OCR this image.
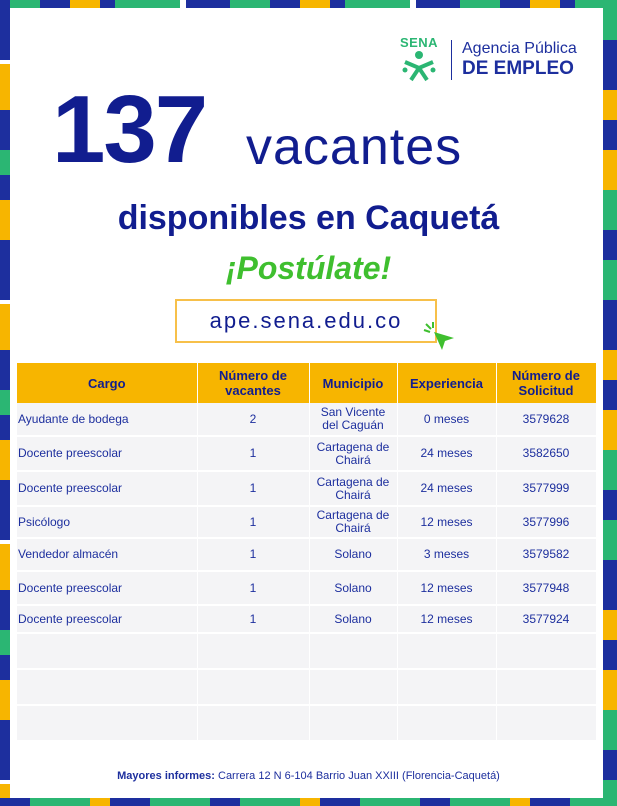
SENA Agencia Pública
DE EMPLEO
137 vacantes
disponibles en Caquetá
¡Postúlate!
ape.sena.edu.co
Cargo	Número de vacantes	Municipio	Experiencia	Número de Solicitud
Ayudante de bodega	2	San Vicente del Caguán	0 meses	3579628
Docente preescolar	1	Cartagena de Chairá	24 meses	3582650
Docente preescolar	1	Cartagena de Chairá	24 meses	3577999
Psicólogo	1	Cartagena de Chairá	12 meses	3577996
Vendedor almacén	1	Solano	3 meses	3579582
Docente preescolar	1	Solano	12 meses	3577948
Docente preescolar	1	Solano	12 meses	3577924

Mayores informes: Carrera 12 N 6-104 Barrio Juan XXIII (Florencia-Caquetá)
